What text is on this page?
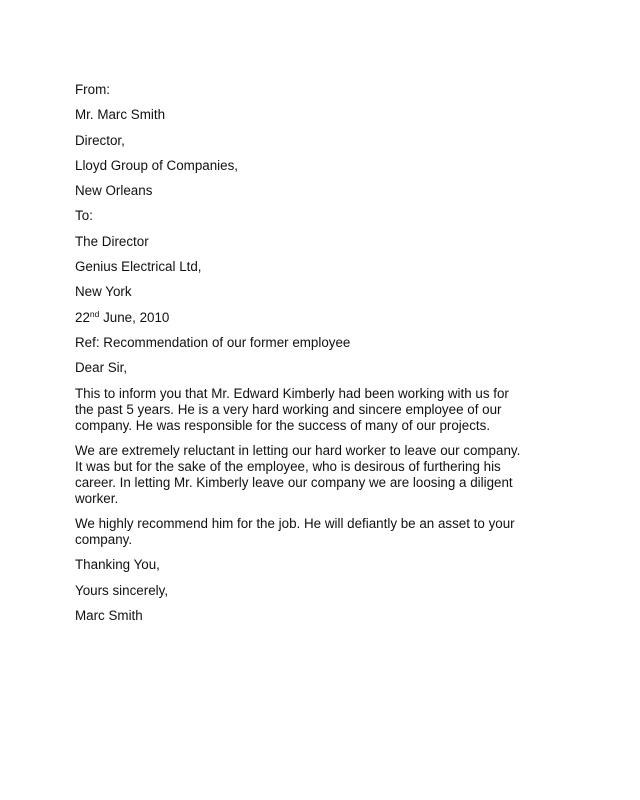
From:
Mr. Marc Smith
Director,
Lloyd Group of Companies,
New Orleans
To:
The Director
Genius Electrical Ltd,
New York
22nd June, 2010
Ref: Recommendation of our former employee
Dear Sir,
This to inform you that Mr. Edward Kimberly had been working with us for
the past 5 years. He is a very hard working and sincere employee of our
company. He was responsible for the success of many of our projects.
We are extremely reluctant in letting our hard worker to leave our company.
It was but for the sake of the employee, who is desirous of furthering his
career. In letting Mr. Kimberly leave our company we are loosing a diligent
worker.
We highly recommend him for the job. He will defiantly be an asset to your
company.
Thanking You,
Yours sincerely,
Marc Smith
